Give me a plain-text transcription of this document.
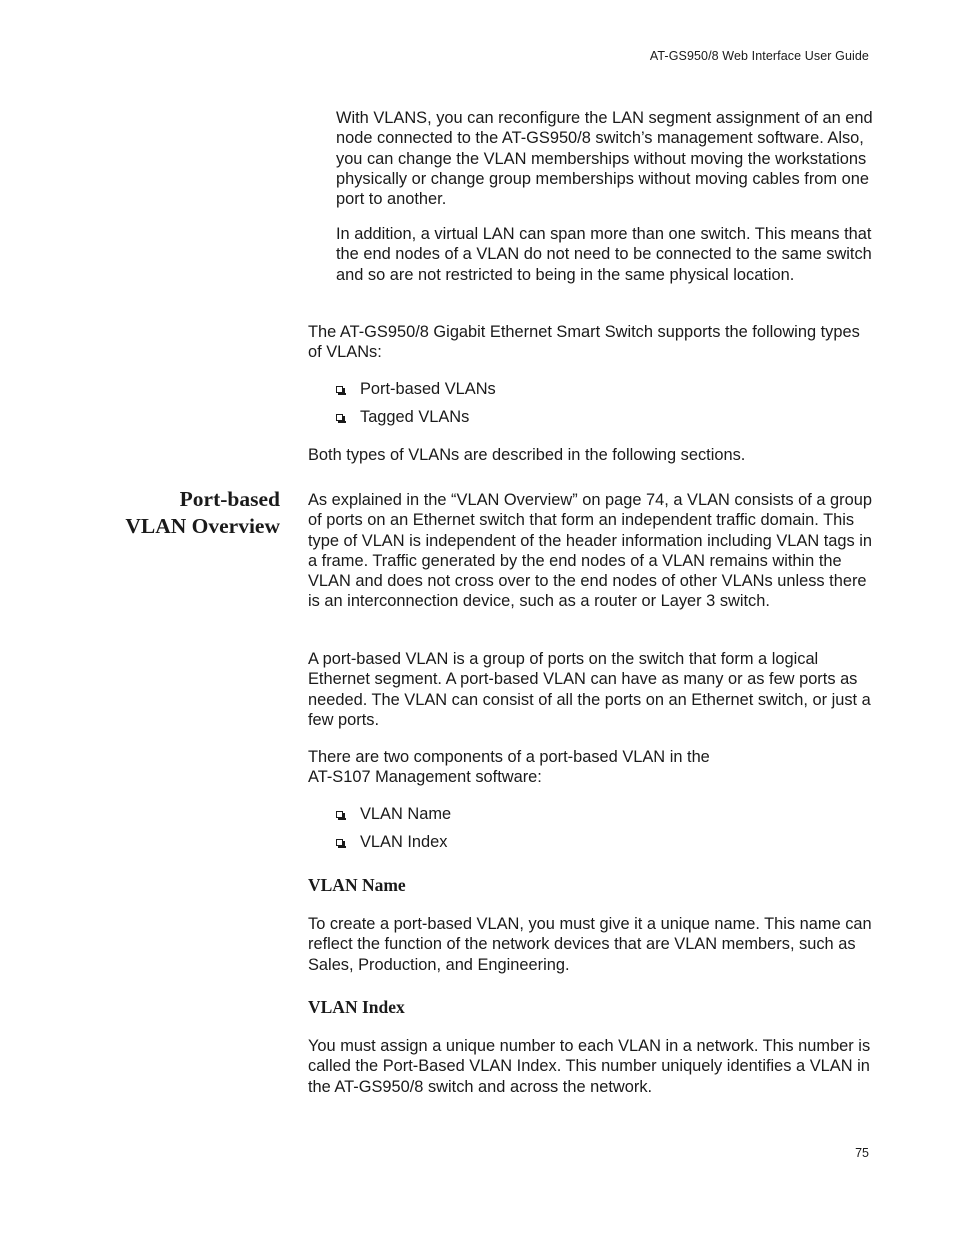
AT-GS950/8 Web Interface User Guide

With VLANS, you can reconfigure the LAN segment assignment of an end node connected to the AT-GS950/8 switch’s management software. Also, you can change the VLAN memberships without moving the workstations physically or change group memberships without moving cables from one port to another.

In addition, a virtual LAN can span more than one switch. This means that the end nodes of a VLAN do not need to be connected to the same switch and so are not restricted to being in the same physical location.

The AT-GS950/8 Gigabit Ethernet Smart Switch supports the following types of VLANs:

Port-based VLANs
Tagged VLANs

Both types of VLANs are described in the following sections.

Port-based
VLAN Overview

As explained in the “VLAN Overview” on page 74, a VLAN consists of a group of ports on an Ethernet switch that form an independent traffic domain. This type of VLAN is independent of the header information including VLAN tags in a frame. Traffic generated by the end nodes of a VLAN remains within the VLAN and does not cross over to the end nodes of other VLANs unless there is an interconnection device, such as a router or Layer 3 switch.

A port-based VLAN is a group of ports on the switch that form a logical Ethernet segment. A port-based VLAN can have as many or as few ports as needed. The VLAN can consist of all the ports on an Ethernet switch, or just a few ports.

There are two components of a port-based VLAN in the
AT-S107 Management software:

VLAN Name
VLAN Index
VLAN Name

To create a port-based VLAN, you must give it a unique name. This name can reflect the function of the network devices that are VLAN members, such as Sales, Production, and Engineering.

VLAN Index

You must assign a unique number to each VLAN in a network. This number is called the Port-Based VLAN Index. This number uniquely identifies a VLAN in the AT-GS950/8 switch and across the network.

75
